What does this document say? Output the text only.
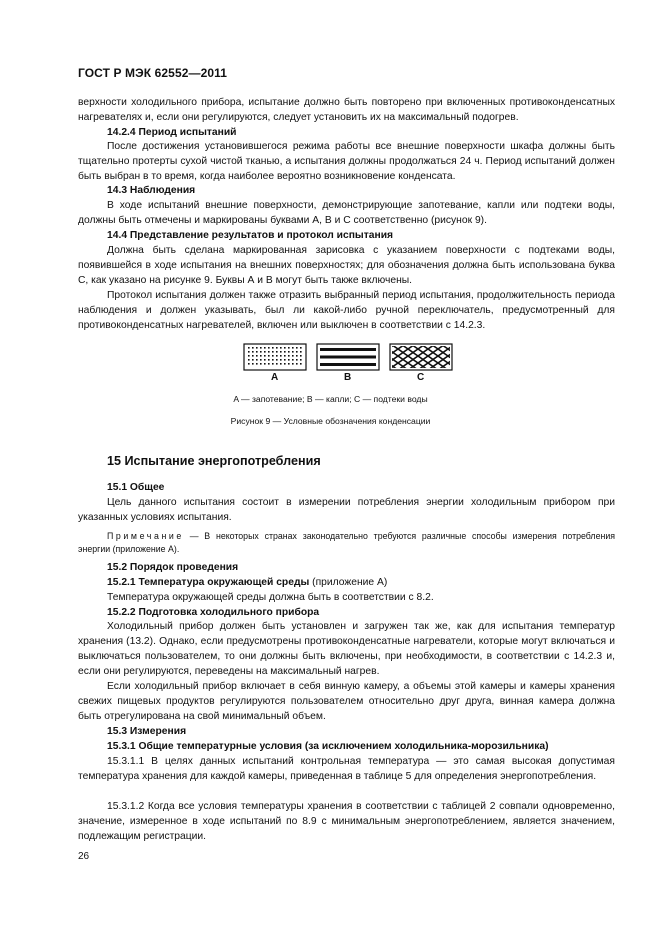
ГОСТ Р МЭК 62552—2011

верхности холодильного прибора, испытание должно быть повторено при включенных противоконденсатных нагревателях и, если они регулируются, следует установить их на максимальный подогрев.

14.2.4 Период испытаний

После достижения установившегося режима работы все внешние поверхности шкафа должны быть тщательно протерты сухой чистой тканью, а испытания должны продолжаться 24 ч. Период испытаний должен быть выбран в то время, когда наиболее вероятно возникновение конденсата.

14.3 Наблюдения

В ходе испытаний внешние поверхности, демонстрирующие запотевание, капли или подтеки воды, должны быть отмечены и маркированы буквами А, В и С соответственно (рисунок 9).

14.4 Представление результатов и протокол испытания

Должна быть сделана маркированная зарисовка с указанием поверхности с подтеками воды, появившейся в ходе испытания на внешних поверхностях; для обозначения должна быть использована буква С, как указано на рисунке 9. Буквы А и В могут быть также включены.

Протокол испытания должен также отразить выбранный период испытания, продолжительность периода наблюдения и должен указывать, был ли какой-либо ручной переключатель, предусмотренный для противоконденсатных нагревателей, включен или выключен в соответствии с 14.2.3.

A	B	C
A — запотевание; B — капли; C — подтеки воды
Рисунок 9 — Условные обозначения конденсации
15 Испытание энергопотребления
15.1 Общее

Цель данного испытания состоит в измерении потребления энергии холодильным прибором при указанных условиях испытания.

Примечание — В некоторых странах законодательно требуются различные способы измерения потребления энергии (приложение А).

15.2 Порядок проведения
15.2.1 Температура окружающей среды (приложение А)

Температура окружающей среды должна быть в соответствии с 8.2.

15.2.2 Подготовка холодильного прибора

Холодильный прибор должен быть установлен и загружен так же, как для испытания температур хранения (13.2). Однако, если предусмотрены противоконденсатные нагреватели, которые могут включаться и выключаться пользователем, то они должны быть включены, при необходимости, в соответствии с 14.2.3 и, если они регулируются, переведены на максимальный нагрев.

Если холодильный прибор включает в себя винную камеру, а объемы этой камеры и камеры хранения свежих пищевых продуктов регулируются пользователем относительно друг друга, винная камера должна быть отрегулирована на свой минимальный объем.

15.3 Измерения
15.3.1 Общие температурные условия (за исключением холодильника-морозильника)

15.3.1.1 В целях данных испытаний контрольная температура — это самая высокая допустимая температура хранения для каждой камеры, приведенная в таблице 5 для определения энергопотребления.

15.3.1.2 Когда все условия температуры хранения в соответствии с таблицей 2 совпали одновременно, значение, измеренное в ходе испытаний по 8.9 с минимальным энергопотреблением, является значением, подлежащим регистрации.

26
